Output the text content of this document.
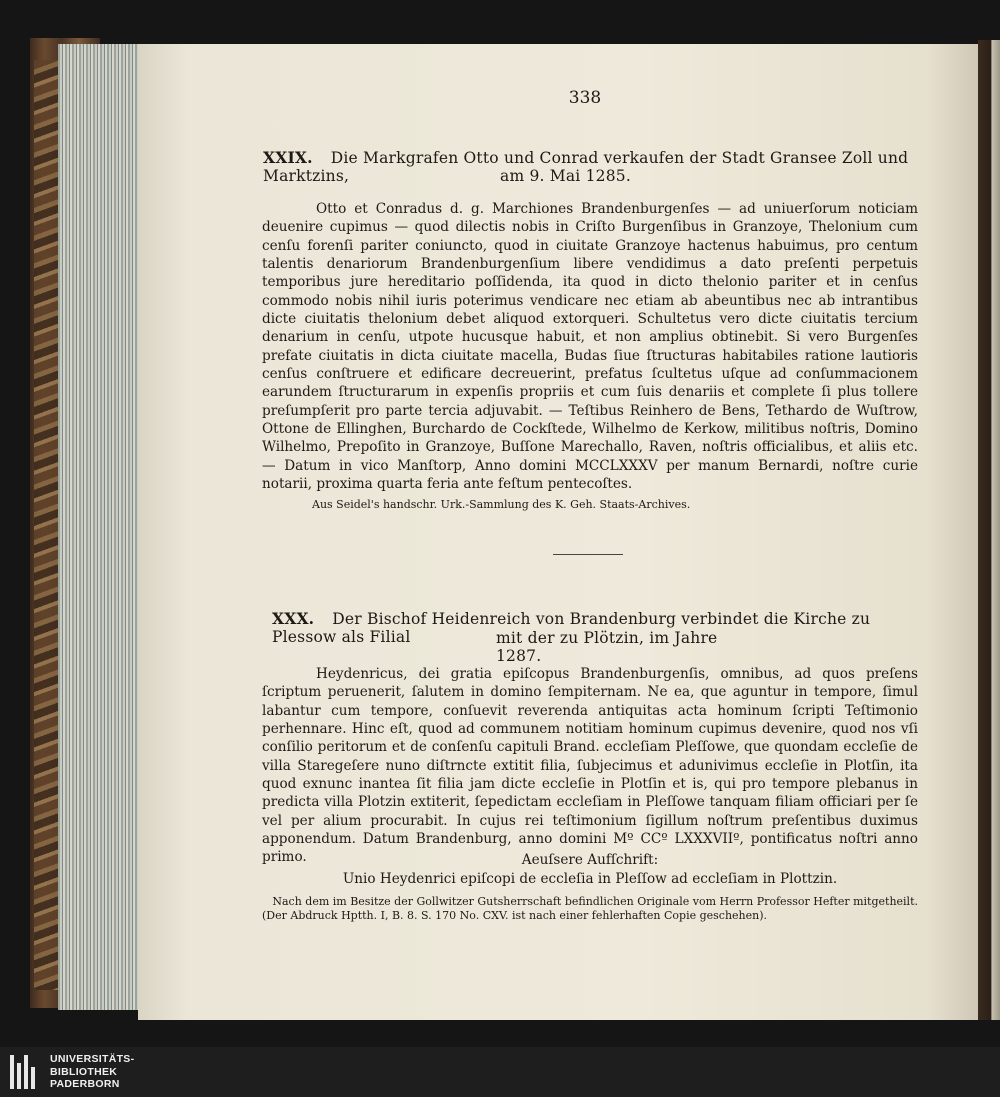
338
XXIX. Die Markgrafen Otto und Conrad verkaufen der Stadt Gransee Zoll und Marktzins,	am 9. Mai 1285.

Otto et Conradus d. g. Marchiones Brandenburgenſes — ad uniuerſorum noticiam deuenire cupimus — quod dilectis nobis in Criſto Burgenſibus in Granzoye, Thelonium cum cenſu forenſi pariter coniuncto, quod in ciuitate Granzoye hactenus habuimus, pro centum talentis denariorum Brandenburgenſium libere vendidimus a dato preſenti perpetuis temporibus jure hereditario poſſidenda, ita quod in dicto thelonio pariter et in cenſus commodo nobis nihil iuris poterimus vendicare nec etiam ab abeuntibus nec ab intrantibus dicte ciuitatis thelonium debet aliquod extorqueri. Schultetus vero dicte ciuitatis tercium denarium in cenſu, utpote hucusque habuit, et non amplius obtinebit. Si vero Burgenſes prefate ciuitatis in dicta ciuitate macella, Budas ſiue ſtructuras habitabiles ratione lautioris cenſus conſtruere et edificare decreuerint, prefatus ſcultetus uſque ad conſummacionem earundem ſtructurarum in expenſis propriis et cum ſuis denariis et complete ſi plus tollere preſumpſerit pro parte tercia adjuvabit. — Teſtibus Reinhero de Bens, Tethardo de Wuſtrow, Ottone de Ellinghen, Burchardo de Cockſtede, Wilhelmo de Kerkow, militibus noſtris, Domino Wilhelmo, Prepoſito in Granzoye, Buſſone Marechallo, Raven, noſtris officialibus, et aliis etc. — Datum in vico Manſtorp, Anno domini MCCLXXXV per manum Bernardi, noſtre curie notarii, proxima quarta feria ante feſtum pentecoſtes.

Aus Seidel's handschr. Urk.-Sammlung des K. Geh. Staats-Archives.
XXX. Der Bischof Heidenreich von Brandenburg verbindet die Kirche zu Plessow als Filial	mit der zu Plötzin, im Jahre 1287.

Heydenricus, dei gratia epiſcopus Brandenburgenſis, omnibus, ad quos preſens ſcriptum peruenerit, ſalutem in domino ſempiternam. Ne ea, que aguntur in tempore, ſimul labantur cum tempore, conſuevit reverenda antiquitas acta hominum ſcripti Teſtimonio perhennare. Hinc eſt, quod ad communem notitiam hominum cupimus devenire, quod nos vſi conſilio peritorum et de conſenſu capituli Brand. eccleſiam Pleſſowe, que quondam eccleſie de villa Staregeſere nuno diſtrncte extitit filia, ſubjecimus et adunivimus eccleſie in Plotſin, ita quod exnunc inantea ſit filia jam dicte eccleſie in Plotſin et is, qui pro tempore plebanus in predicta villa Plotzin extiterit, ſepedictam eccleſiam in Pleſſowe tanquam filiam officiari per ſe vel per alium procurabit. In cujus rei teſtimonium ſigillum noſtrum preſentibus duximus apponendum. Datum Brandenburg, anno domini Mº CCº LXXXVIIº, pontificatus noſtri anno primo.	Aeuſsere Aufſchrift:
Unio Heydenrici epiſcopi de eccleſia in Pleſſow ad eccleſiam in Plottzin.
Nach dem im Besitze der Gollwitzer Gutsherrschaft befindlichen Originale vom Herrn Professor Hefter mitgetheilt.
(Der Abdruck Hptth. I, B. 8. S. 170 No. CXV. ist nach einer fehlerhaften Copie geschehen).
UNIVERSITÄTS-
BIBLIOTHEK
PADERBORN
